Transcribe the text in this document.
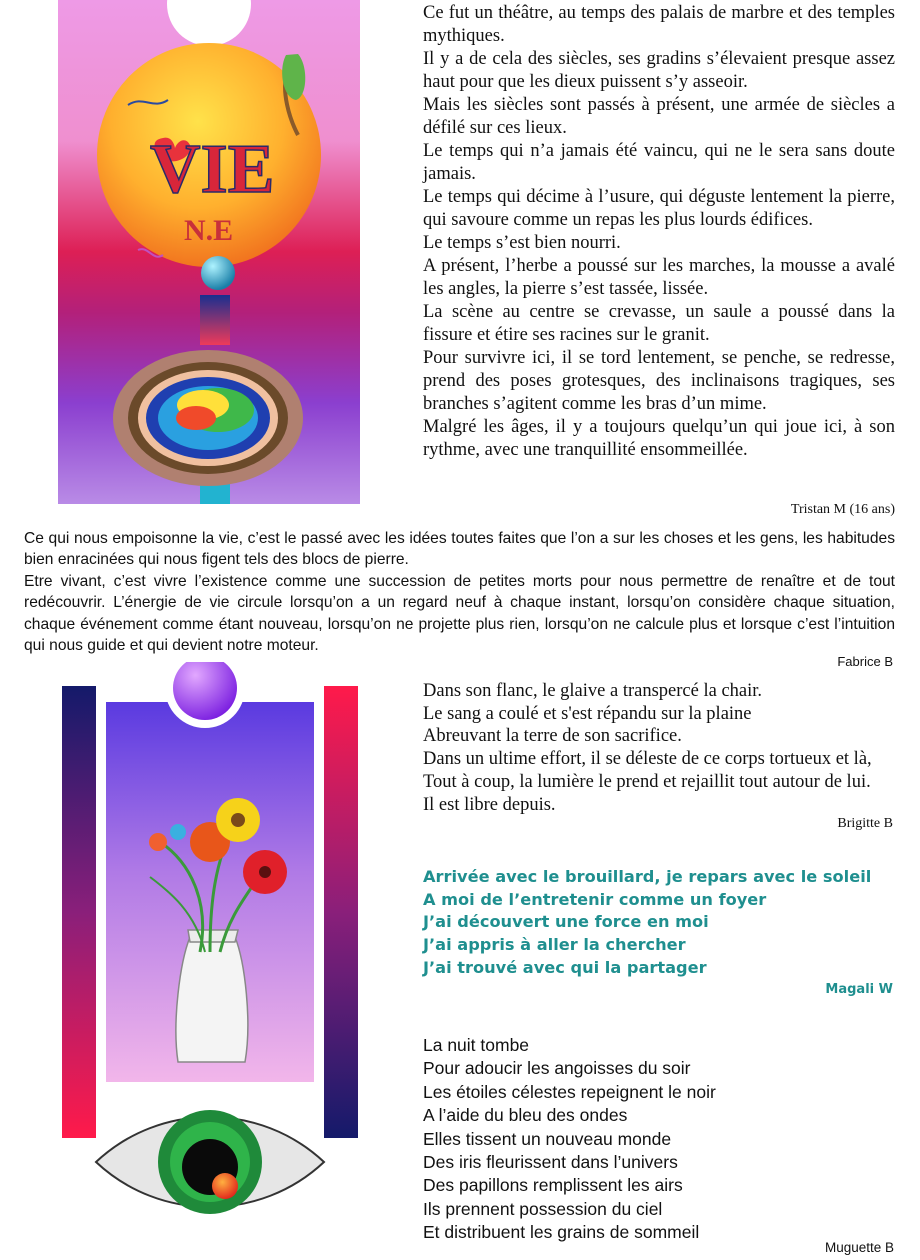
VIE
N.E

Ce fut un théâtre, au temps des palais de marbre et des temples mythiques.

Il y a de cela des siècles, ses gradins s’élevaient presque assez haut pour que les dieux puissent s’y asseoir.

Mais les siècles sont passés à présent, une armée de siècles a défilé sur ces lieux.

Le temps qui n’a jamais été vaincu, qui ne le sera sans doute jamais.

Le temps qui décime à l’usure, qui déguste lentement la pierre, qui savoure comme un repas les plus lourds édifices.

Le temps s’est bien nourri.

A présent, l’herbe a poussé sur les marches, la mousse a avalé les angles, la pierre s’est tassée, lissée.

La scène au centre se crevasse, un saule a poussé dans la fissure et étire ses racines sur le granit.

Pour survivre ici, il se tord lentement, se penche, se redresse, prend des poses grotesques, des inclinaisons tragiques, ses branches s’agitent comme les bras d’un mime.

Malgré les âges, il y a toujours quelqu’un qui joue ici, à son rythme, avec une tranquillité ensommeillée.

Tristan M (16 ans)

Ce qui nous empoisonne la vie, c’est le passé avec les idées toutes faites que l’on a sur les choses et les gens, les habitudes bien enracinées qui nous figent tels des blocs de pierre.

Etre vivant, c’est vivre l’existence comme une succession de petites morts pour nous permettre de renaître et de tout redécouvrir. L’énergie de vie circule lorsqu’on a un regard neuf à chaque instant, lorsqu’on considère chaque situation, chaque événement comme étant nouveau, lorsqu’on ne projette plus rien, lorsqu’on ne calcule plus et lorsque c’est l’intuition qui nous guide et qui devient notre moteur.

Fabrice B
Dans son flanc, le glaive a transpercé la chair.
Le sang a coulé et s'est répandu sur la plaine
Abreuvant la terre de son sacrifice.
Dans un ultime effort, il se déleste de ce corps tortueux et là,
Tout à coup, la lumière le prend et rejaillit tout autour de lui.
Il est libre depuis.
Brigitte B
Arrivée avec le brouillard, je repars avec le soleil
A moi de l’entretenir comme un foyer
J’ai découvert une force en moi
J’ai appris à aller la chercher
J’ai trouvé avec qui la partager
Magali W
La nuit tombe
Pour adoucir les angoisses du soir
Les étoiles célestes repeignent le noir
A l’aide du bleu des ondes
Elles tissent un nouveau monde
Des iris fleurissent dans l’univers
Des papillons remplissent les airs
Ils prennent possession du ciel
Et distribuent les grains de sommeil
Muguette B
